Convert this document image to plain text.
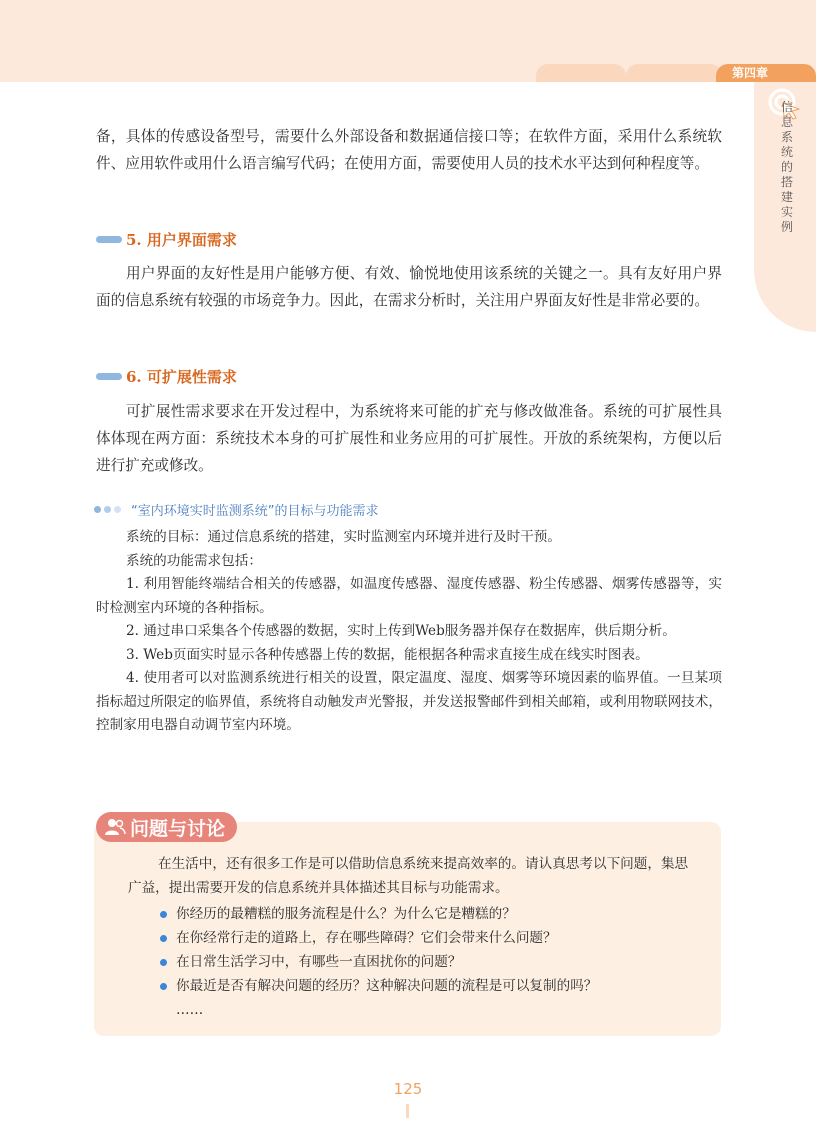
第四章
信息系统的搭建实例

备，具体的传感设备型号，需要什么外部设备和数据通信接口等；在软件方面，采用什么系统软件、应用软件或用什么语言编写代码；在使用方面，需要使用人员的技术水平达到何种程度等。

5. 用户界面需求

用户界面的友好性是用户能够方便、有效、愉悦地使用该系统的关键之一。具有友好用户界面的信息系统有较强的市场竞争力。因此，在需求分析时，关注用户界面友好性是非常必要的。

6. 可扩展性需求

可扩展性需求要求在开发过程中，为系统将来可能的扩充与修改做准备。系统的可扩展性具体体现在两方面：系统技术本身的可扩展性和业务应用的可扩展性。开放的系统架构，方便以后进行扩充或修改。

“室内环境实时监测系统”的目标与功能需求

系统的目标：通过信息系统的搭建，实时监测室内环境并进行及时干预。

系统的功能需求包括：

1. 利用智能终端结合相关的传感器，如温度传感器、湿度传感器、粉尘传感器、烟雾传感器等，实时检测室内环境的各种指标。

2. 通过串口采集各个传感器的数据，实时上传到Web服务器并保存在数据库，供后期分析。

3. Web页面实时显示各种传感器上传的数据，能根据各种需求直接生成在线实时图表。

4. 使用者可以对监测系统进行相关的设置，限定温度、湿度、烟雾等环境因素的临界值。一旦某项指标超过所限定的临界值，系统将自动触发声光警报，并发送报警邮件到相关邮箱，或利用物联网技术，控制家用电器自动调节室内环境。

问题与讨论

在生活中，还有很多工作是可以借助信息系统来提高效率的。请认真思考以下问题，集思广益，提出需要开发的信息系统并具体描述其目标与功能需求。

你经历的最糟糕的服务流程是什么？为什么它是糟糕的？
在你经常行走的道路上，存在哪些障碍？它们会带来什么问题？
在日常生活学习中，有哪些一直困扰你的问题？
你最近是否有解决问题的经历？这种解决问题的流程是可以复制的吗？
……
125
